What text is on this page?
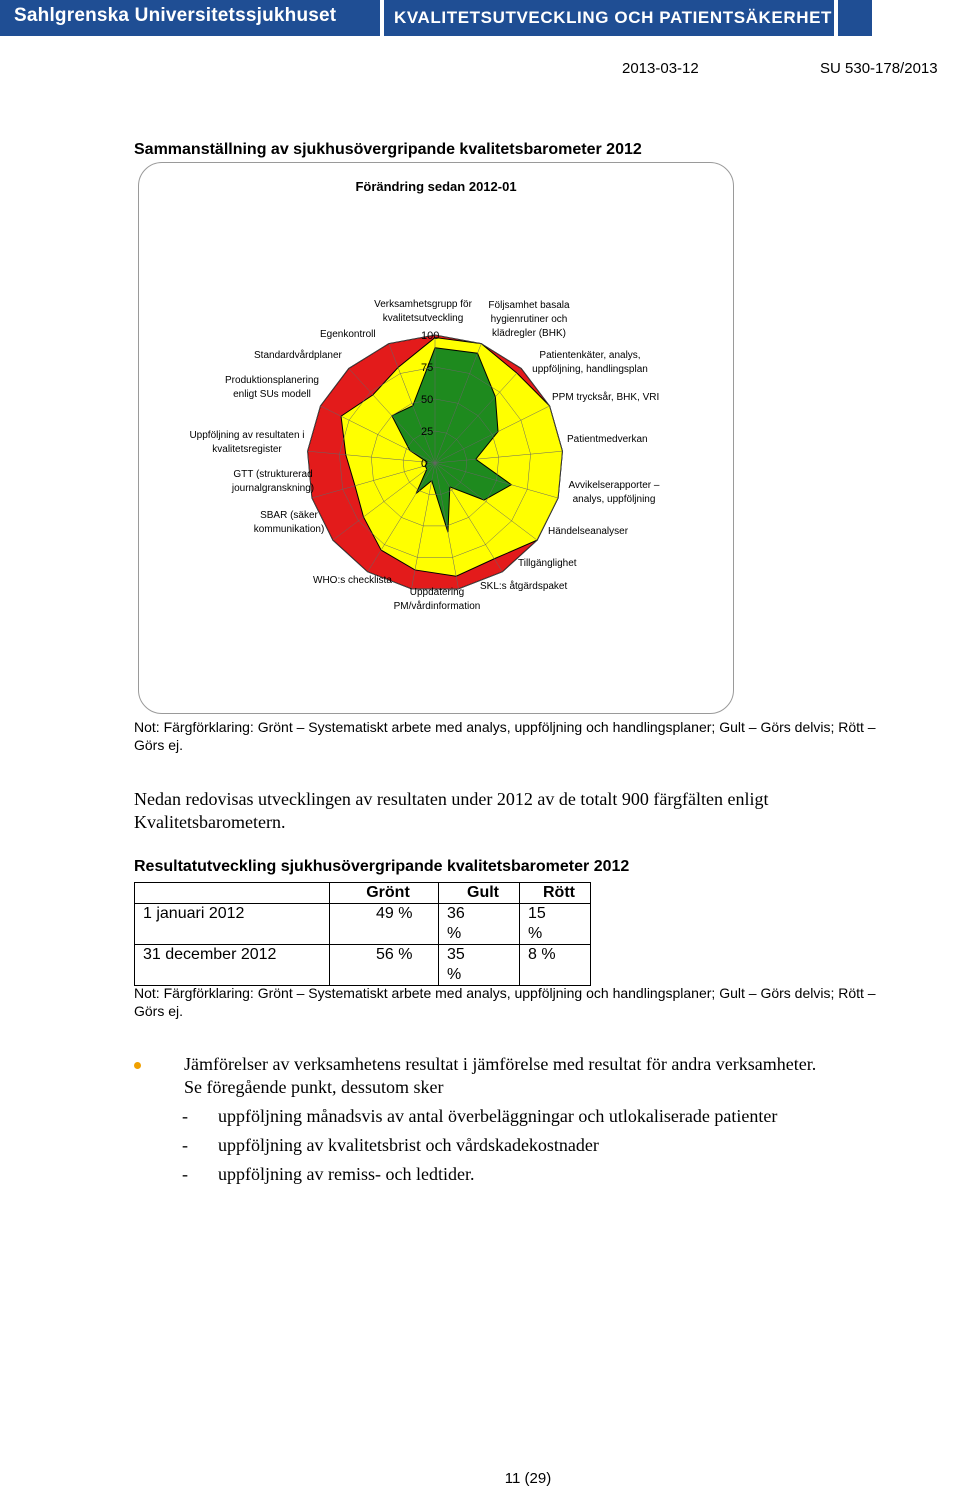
Sahlgrenska Universitetssjukhuset	KVALITETSUTVECKLING OCH PATIENTSÄKERHET
2013-03-12	SU 530-178/2013
Sammanställning av sjukhusövergripande kvalitetsbarometer 2012
Förändring sedan 2012-01
100
75
50
25
0
Verksamhetsgrupp för
kvalitetsutveckling
Följsamhet basala
hygienrutiner och
klädregler (BHK)
Patientenkäter, analys,
uppföljning, handlingsplan
PPM trycksår, BHK, VRI
Patientmedverkan
Avvikelserapporter –
analys, uppföljning
Händelseanalyser
Tillgänglighet
SKL:s åtgärdspaket
Uppdatering
PM/vårdinformation
WHO:s checklista
SBAR (säker
kommunikation)
GTT (strukturerad
journalgranskning)
Uppföljning av resultaten i
kvalitetsregister
Produktionsplanering
enligt SUs modell
Standardvårdplaner
Egenkontroll
Not: Färgförklaring: Grönt – Systematiskt arbete med analys, uppföljning och handlingsplaner; Gult – Görs delvis; Rött – Görs ej.
Nedan redovisas utvecklingen av resultaten under 2012 av de totalt 900 färgfälten enligt Kvalitetsbarometern.
Resultatutveckling sjukhusövergripande kvalitetsbarometer 2012
	Grönt	Gult	Rött
1 januari 2012	49 %	36 %	15 %

31 december 2012	56 %	35 %	8 %
Not: Färgförklaring: Grönt – Systematiskt arbete med analys, uppföljning och handlingsplaner; Gult – Görs delvis; Rött – Görs ej.
Jämförelser av verksamhetens resultat i jämförelse med resultat för andra verksamheter.
Se föregående punkt, dessutom sker
- uppföljning månadsvis av antal överbeläggningar och utlokaliserade patienter
- uppföljning av kvalitetsbrist och vårdskadekostnader
- uppföljning av remiss- och ledtider.
11 (29)
